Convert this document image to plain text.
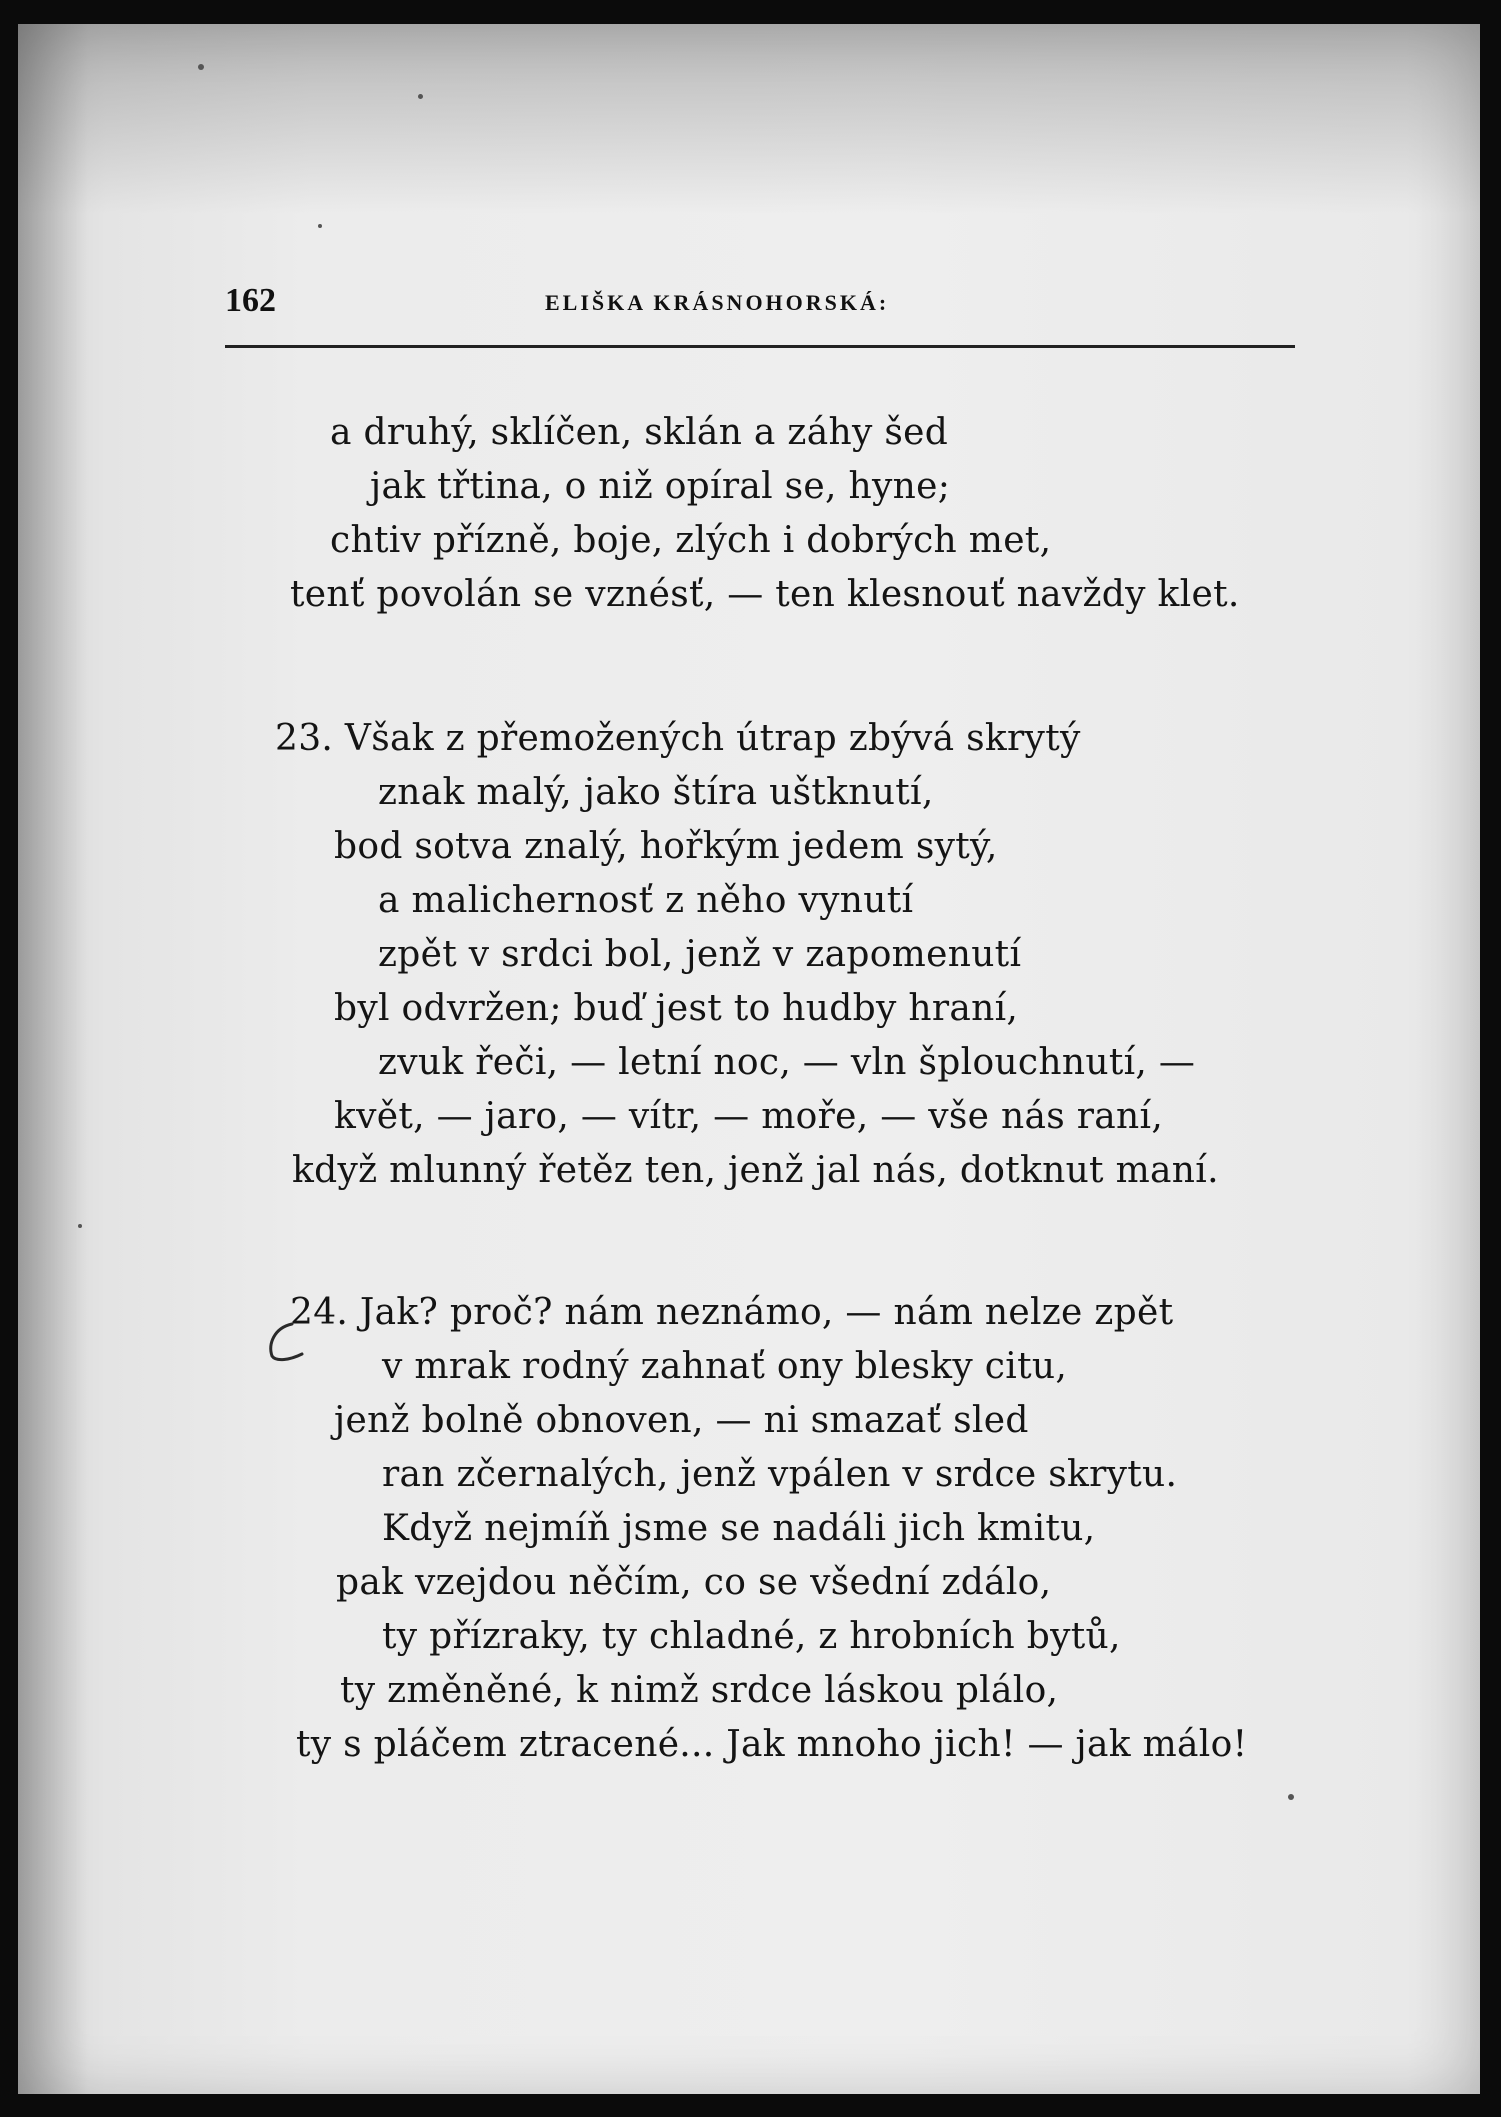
162	ELIŠKA KRÁSNOHORSKÁ:
a druhý, sklíčen, sklán a záhy šed
jak třtina, o niž opíral se, hyne;
chtiv přízně, boje, zlých i dobrých met,
tenť povolán se vznésť, — ten klesnouť navždy klet.
23. Však z přemožených útrap zbývá skrytý
znak malý, jako štíra uštknutí,
bod sotva znalý, hořkým jedem sytý,
a malichernosť z něho vynutí
zpět v srdci bol, jenž v zapomenutí
byl odvržen; buď jest to hudby hraní,
zvuk řeči, — letní noc, — vln šplouchnutí, —
květ, — jaro, — vítr, — moře, — vše nás raní,
když mlunný řetěz ten, jenž jal nás, dotknut maní.
24. Jak? proč? nám neznámo, — nám nelze zpět
v mrak rodný zahnať ony blesky citu,
jenž bolně obnoven, — ni smazať sled
ran zčernalých, jenž vpálen v srdce skrytu.
Když nejmíň jsme se nadáli jich kmitu,
pak vzejdou něčím, co se všední zdálo,
ty přízraky, ty chladné, z hrobních bytů,
ty změněné, k nimž srdce láskou plálo,
ty s pláčem ztracené... Jak mnoho jich! — jak málo!
